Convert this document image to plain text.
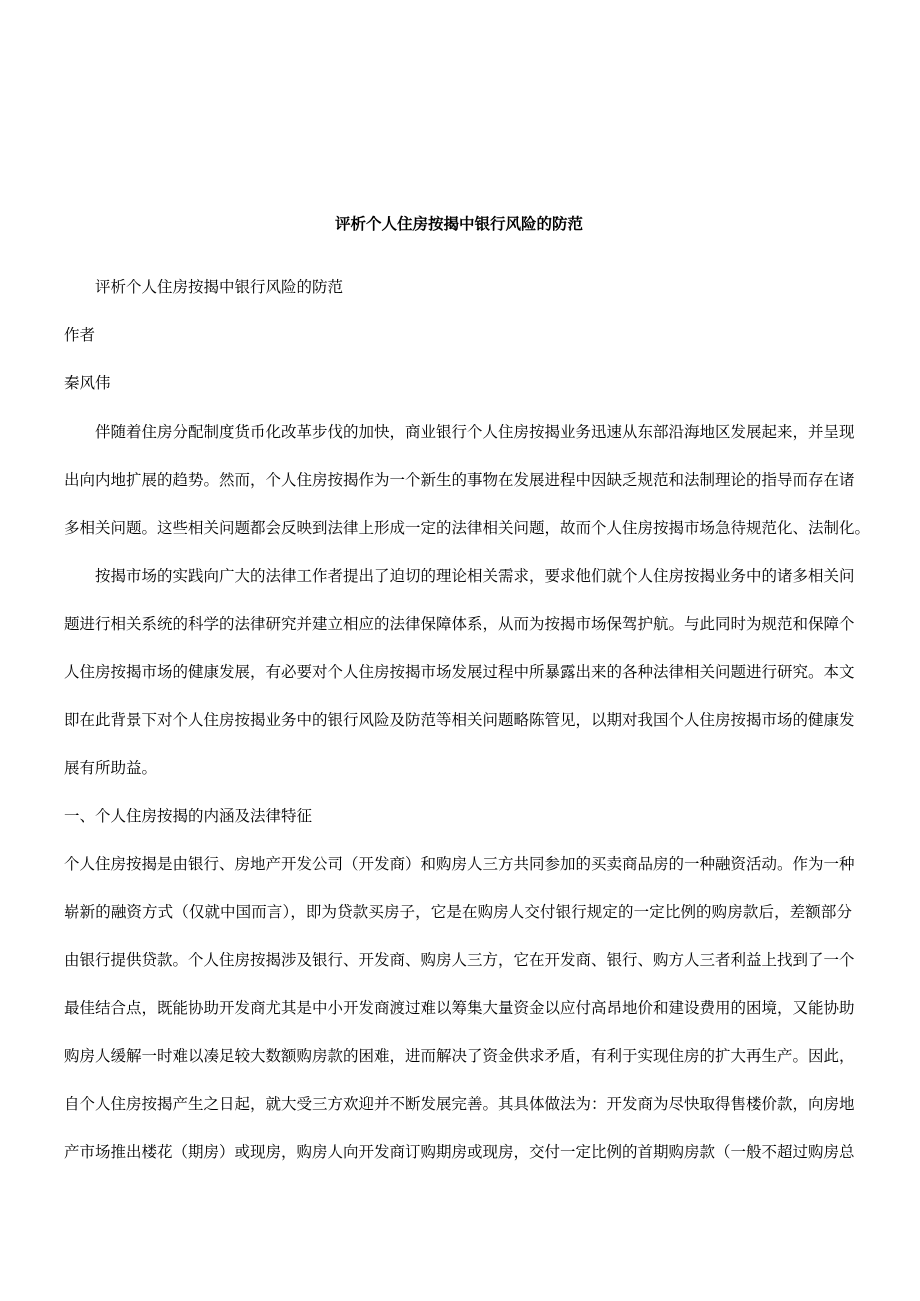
评析个人住房按揭中银行风险的防范
评析个人住房按揭中银行风险的防范
作者
秦风伟
伴随着住房分配制度货币化改革步伐的加快，商业银行个人住房按揭业务迅速从东部沿海地区发展起来，并呈现
出向内地扩展的趋势。然而，个人住房按揭作为一个新生的事物在发展进程中因缺乏规范和法制理论的指导而存在诸
多相关问题。这些相关问题都会反映到法律上形成一定的法律相关问题，故而个人住房按揭市场急待规范化、法制化。
按揭市场的实践向广大的法律工作者提出了迫切的理论相关需求，要求他们就个人住房按揭业务中的诸多相关问
题进行相关系统的科学的法律研究并建立相应的法律保障体系，从而为按揭市场保驾护航。与此同时为规范和保障个
人住房按揭市场的健康发展，有必要对个人住房按揭市场发展过程中所暴露出来的各种法律相关问题进行研究。本文
即在此背景下对个人住房按揭业务中的银行风险及防范等相关问题略陈管见，以期对我国个人住房按揭市场的健康发
展有所助益。
一、个人住房按揭的内涵及法律特征
个人住房按揭是由银行、房地产开发公司（开发商）和购房人三方共同参加的买卖商品房的一种融资活动。作为一种
崭新的融资方式（仅就中国而言），即为贷款买房子，它是在购房人交付银行规定的一定比例的购房款后，差额部分
由银行提供贷款。个人住房按揭涉及银行、开发商、购房人三方，它在开发商、银行、购方人三者利益上找到了一个
最佳结合点，既能协助开发商尤其是中小开发商渡过难以筹集大量资金以应付高昂地价和建设费用的困境，又能协助
购房人缓解一时难以凑足较大数额购房款的困难，进而解决了资金供求矛盾，有利于实现住房的扩大再生产。因此，
自个人住房按揭产生之日起，就大受三方欢迎并不断发展完善。其具体做法为：开发商为尽快取得售楼价款，向房地
产市场推出楼花（期房）或现房，购房人向开发商订购期房或现房，交付一定比例的首期购房款（一般不超过购房总
